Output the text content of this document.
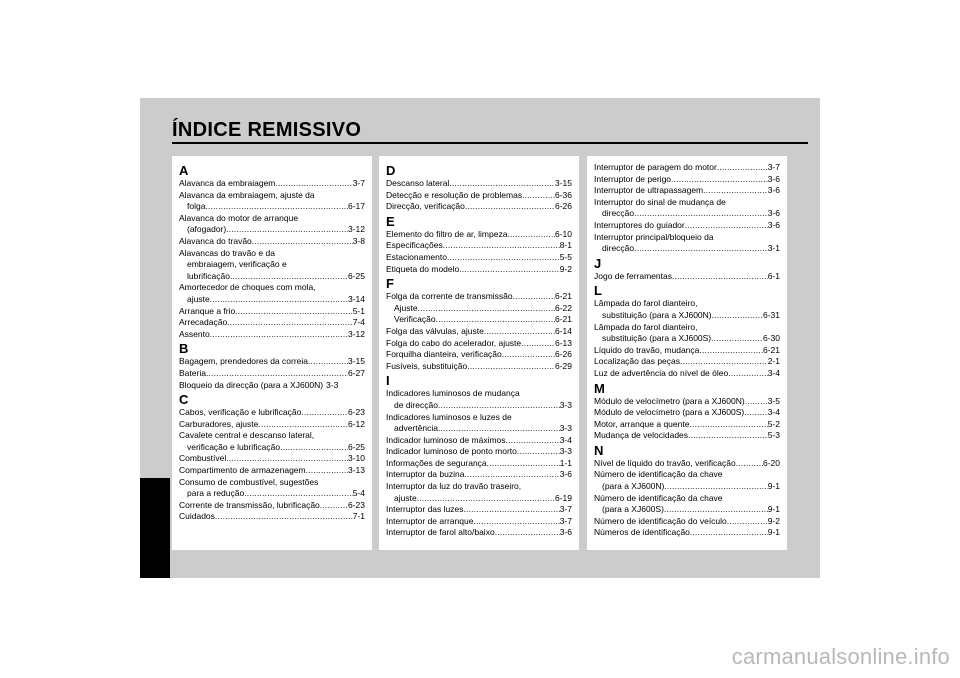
ÍNDICE REMISSIVO
A
Alavanca da embraiagem .....	3-7
Alavanca da embraiagem, ajuste da
folga .....	6-17
Alavanca do motor de arranque
(afogador) .....	3-12
Alavanca do travão .....	3-8
Alavancas do travão e da
embraiagem, verificação e
lubrificação .....	6-25
Amortecedor de choques com mola,
ajuste .....	3-14
Arranque a frio .....	5-1
Arrecadação .....	7-4
Assento .....	3-12
B
Bagagem, prendedores da correia .....	3-15
Bateria .....	6-27
Bloqueio da direcção (para a XJ600N) 3-3
C
Cabos, verificação e lubrificação .....	6-23
Carburadores, ajuste .....	6-12
Cavalete central e descanso lateral,
verificação e lubrificação .....	6-25
Combustível .....	3-10
Compartimento de armazenagem .....	3-13
Consumo de combustível, sugestões
para a redução .....	5-4
Corrente de transmissão, lubrificação .....	6-23
Cuidados .....	7-1
D
Descanso lateral .....	3-15
Detecção e resolução de problemas .....	6-36
Direcção, verificação .....	6-26
E
Elemento do filtro de ar, limpeza .....	6-10
Especificações .....	8-1
Estacionamento .....	5-5
Etiqueta do modelo .....	9-2
F
Folga da corrente de transmissão .....	6-21
Ajuste .....	6-22
Verificação .....	6-21
Folga das válvulas, ajuste .....	6-14
Folga do cabo do acelerador, ajuste .....	6-13
Forquilha dianteira, verificação .....	6-26
Fusíveis, substituição .....	6-29
I
Indicadores luminosos de mudança
de direcção .....	3-3
Indicadores luminosos e luzes de
advertência .....	3-3
Indicador luminoso de máximos .....	3-4
Indicador luminoso de ponto morto .....	3-3
Informações de segurança .....	1-1
Interruptor da buzina .....	3-6
Interruptor da luz do travão traseiro,
ajuste .....	6-19
Interruptor das luzes .....	3-7
Interruptor de arranque .....	3-7
Interruptor de farol alto/baixo .....	3-6
Interruptor de paragem do motor .....	3-7
Interruptor de perigo .....	3-6
Interruptor de ultrapassagem .....	3-6
Interruptor do sinal de mudança de
direcção .....	3-6
Interruptores do guiador .....	3-6
Interruptor principal/bloqueio da
direcção .....	3-1
J
Jogo de ferramentas .....	6-1
L
Lâmpada do farol dianteiro,
substituição (para a XJ600N) .....	6-31
Lâmpada do farol dianteiro,
substituição (para a XJ600S) .....	6-30
Líquido do travão, mudança .....	6-21
Localização das peças .....	2-1
Luz de advertência do nível de óleo .....	3-4
M
Módulo de velocímetro (para a XJ600N) .....	3-5
Módulo de velocímetro (para a XJ600S) .....	3-4
Motor, arranque a quente .....	5-2
Mudança de velocidades .....	5-3
N
Nível de líquido do travão, verificação .....	6-20
Número de identificação da chave
(para a XJ600N) .....	9-1
Número de identificação da chave
(para a XJ600S) .....	9-1
Número de identificação do veículo .....	9-2
Números de identificação .....	9-1
carmanualsonline.info
